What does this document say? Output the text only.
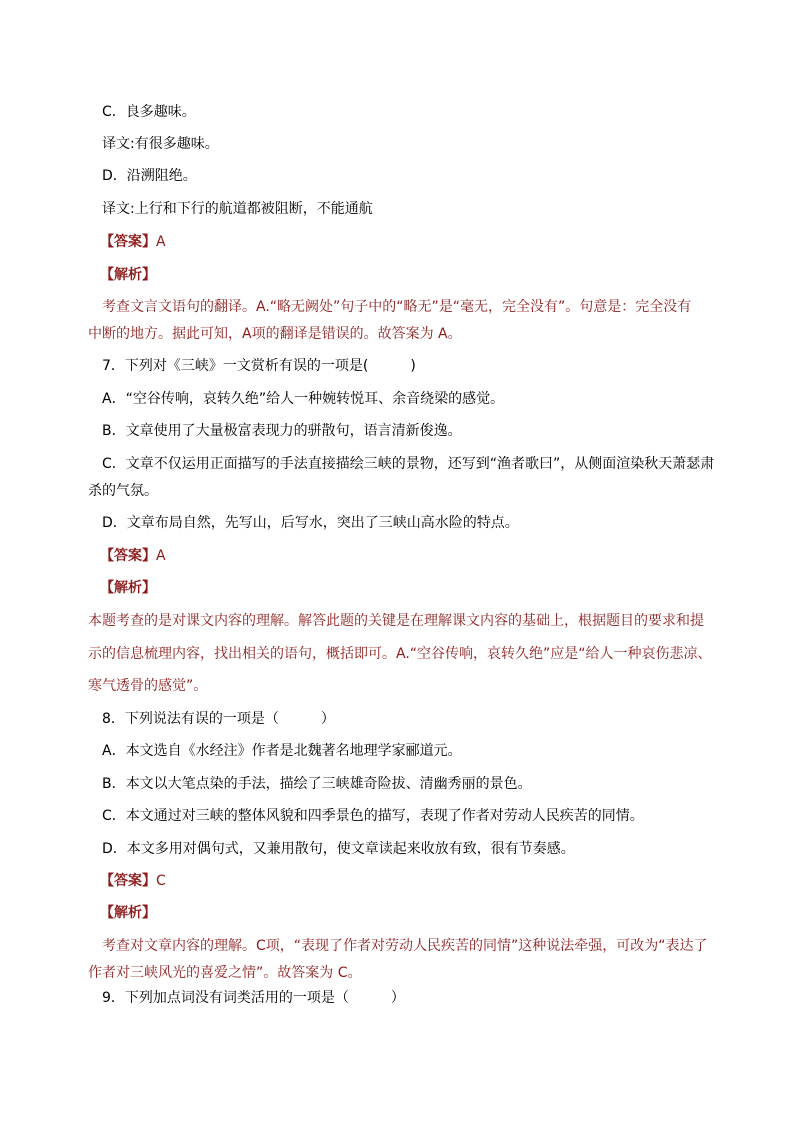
C．良多趣味。
译文:有很多趣味。
D．沿溯阻绝。
译文:上行和下行的航道都被阻断，不能通航
【答案】A
【解析】
考查文言文语句的翻译。A.“略无阙处”句子中的“略无”是“毫无，完全没有”。句意是：完全没有
中断的地方。据此可知，A项的翻译是错误的。故答案为 A。
7．下列对《三峡》一文赏析有误的一项是(　　　)
A．“空谷传响，哀转久绝”给人一种婉转悦耳、余音绕梁的感觉。
B．文章使用了大量极富表现力的骈散句，语言清新俊逸。
C．文章不仅运用正面描写的手法直接描绘三峡的景物，还写到“渔者歌曰”，从侧面渲染秋天萧瑟肃
杀的气氛。
D．文章布局自然，先写山，后写水，突出了三峡山高水险的特点。
【答案】A
【解析】
本题考查的是对课文内容的理解。解答此题的关键是在理解课文内容的基础上，根据题目的要求和提
示的信息梳理内容，找出相关的语句，概括即可。A.“空谷传响，哀转久绝”应是“给人一种哀伤悲凉、
寒气透骨的感觉”。
8．下列说法有误的一项是（　　　）
A．本文选自《水经注》作者是北魏著名地理学家郦道元。
B．本文以大笔点染的手法，描绘了三峡雄奇险拔、清幽秀丽的景色。
C．本文通过对三峡的整体风貌和四季景色的描写，表现了作者对劳动人民疾苦的同情。
D．本文多用对偶句式，又兼用散句，使文章读起来收放有致，很有节奏感。
【答案】C
【解析】
考查对文章内容的理解。C项，“表现了作者对劳动人民疾苦的同情”这种说法牵强，可改为“表达了
作者对三峡风光的喜爱之情”。故答案为 C。
9．下列加点词没有词类活用的一项是（　　　）
